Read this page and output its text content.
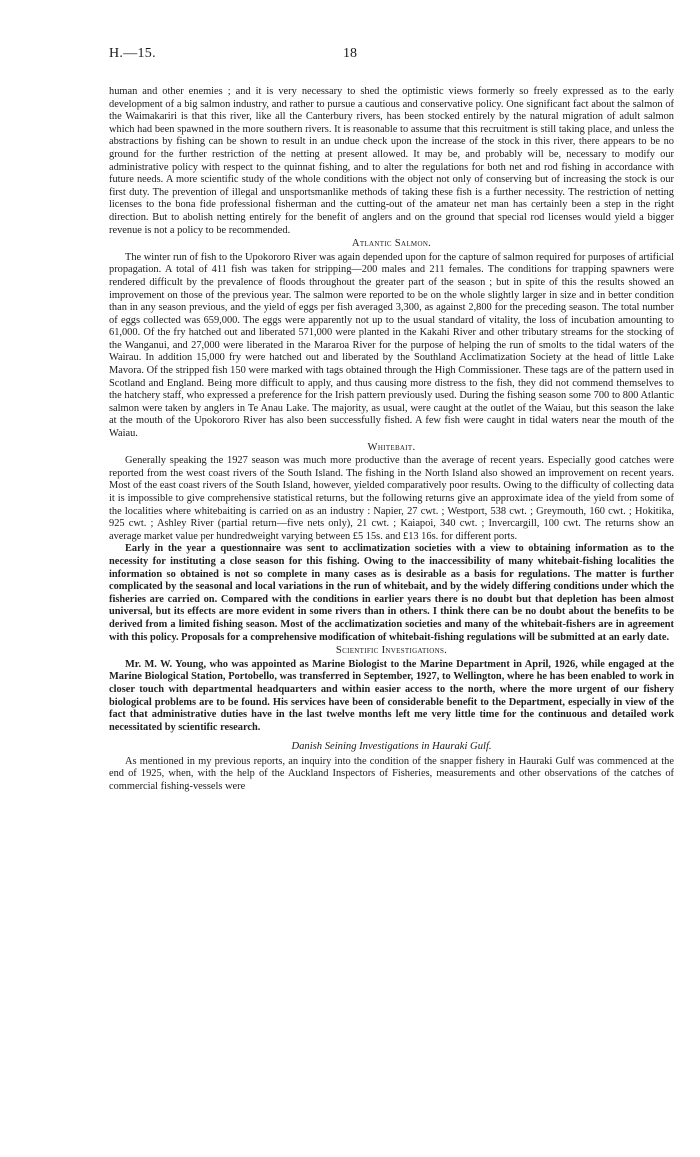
H.—15.	18

human and other enemies ; and it is very necessary to shed the optimistic views formerly so freely expressed as to the early development of a big salmon industry, and rather to pursue a cautious and conservative policy. One significant fact about the salmon of the Waimakariri is that this river, like all the Canterbury rivers, has been stocked entirely by the natural migration of adult salmon which had been spawned in the more southern rivers. It is reasonable to assume that this recruitment is still taking place, and unless the abstractions by fishing can be shown to result in an undue check upon the increase of the stock in this river, there appears to be no ground for the further restriction of the netting at present allowed. It may be, and probably will be, necessary to modify our administrative policy with respect to the quinnat fishing, and to alter the regulations for both net and rod fishing in accordance with future needs. A more scientific study of the whole conditions with the object not only of conserving but of increasing the stock is our first duty. The prevention of illegal and unsportsmanlike methods of taking these fish is a further necessity. The restriction of netting licenses to the bona fide professional fisherman and the cutting-out of the amateur net man has certainly been a step in the right direction. But to abolish netting entirely for the benefit of anglers and on the ground that special rod licenses would yield a bigger revenue is not a policy to be recommended.

Atlantic Salmon.

The winter run of fish to the Upokororo River was again depended upon for the capture of salmon required for purposes of artificial propagation. A total of 411 fish was taken for stripping—200 males and 211 females. The conditions for trapping spawners were rendered difficult by the prevalence of floods throughout the greater part of the season ; but in spite of this the results showed an improvement on those of the previous year. The salmon were reported to be on the whole slightly larger in size and in better condition than in any season previous, and the yield of eggs per fish averaged 3,300, as against 2,800 for the preceding season. The total number of eggs collected was 659,000. The eggs were apparently not up to the usual standard of vitality, the loss of incubation amounting to 61,000. Of the fry hatched out and liberated 571,000 were planted in the Kakahi River and other tributary streams for the stocking of the Wanganui, and 27,000 were liberated in the Mararoa River for the purpose of helping the run of smolts to the tidal waters of the Wairau. In addition 15,000 fry were hatched out and liberated by the Southland Acclimatization Society at the head of little Lake Mavora. Of the stripped fish 150 were marked with tags obtained through the High Commissioner. These tags are of the pattern used in Scotland and England. Being more difficult to apply, and thus causing more distress to the fish, they did not commend themselves to the hatchery staff, who expressed a preference for the Irish pattern previously used. During the fishing season some 700 to 800 Atlantic salmon were taken by anglers in Te Anau Lake. The majority, as usual, were caught at the outlet of the Waiau, but this season the lake at the mouth of the Upokororo River has also been successfully fished. A few fish were caught in tidal waters near the mouth of the Waiau.

Whitebait.

Generally speaking the 1927 season was much more productive than the average of recent years. Especially good catches were reported from the west coast rivers of the South Island. The fishing in the North Island also showed an improvement on recent years. Most of the east coast rivers of the South Island, however, yielded comparatively poor results. Owing to the difficulty of collecting data it is impossible to give comprehensive statistical returns, but the following returns give an approximate idea of the yield from some of the localities where whitebaiting is carried on as an industry : Napier, 27 cwt. ; Westport, 538 cwt. ; Greymouth, 160 cwt. ; Hokitika, 925 cwt. ; Ashley River (partial return—five nets only), 21 cwt. ; Kaiapoi, 340 cwt. ; Invercargill, 100 cwt. The returns show an average market value per hundredweight varying between £5 15s. and £13 16s. for different ports.

Early in the year a questionnaire was sent to acclimatization societies with a view to obtaining information as to the necessity for instituting a close season for this fishing. Owing to the inaccessibility of many whitebait-fishing localities the information so obtained is not so complete in many cases as is desirable as a basis for regulations. The matter is further complicated by the seasonal and local variations in the run of whitebait, and by the widely differing conditions under which the fisheries are carried on. Compared with the conditions in earlier years there is no doubt but that depletion has been almost universal, but its effects are more evident in some rivers than in others. I think there can be no doubt about the benefits to be derived from a limited fishing season. Most of the acclimatization societies and many of the whitebait-fishers are in agreement with this policy. Proposals for a comprehensive modification of whitebait-fishing regulations will be submitted at an early date.

Scientific Investigations.

Mr. M. W. Young, who was appointed as Marine Biologist to the Marine Department in April, 1926, while engaged at the Marine Biological Station, Portobello, was transferred in September, 1927, to Wellington, where he has been enabled to work in closer touch with departmental headquarters and within easier access to the north, where the more urgent of our fishery biological problems are to be found. His services have been of considerable benefit to the Department, especially in view of the fact that administrative duties have in the last twelve months left me very little time for the continuous and detailed work necessitated by scientific research.

Danish Seining Investigations in Hauraki Gulf.

As mentioned in my previous reports, an inquiry into the condition of the snapper fishery in Hauraki Gulf was commenced at the end of 1925, when, with the help of the Auckland Inspectors of Fisheries, measurements and other observations of the catches of commercial fishing-vessels were
